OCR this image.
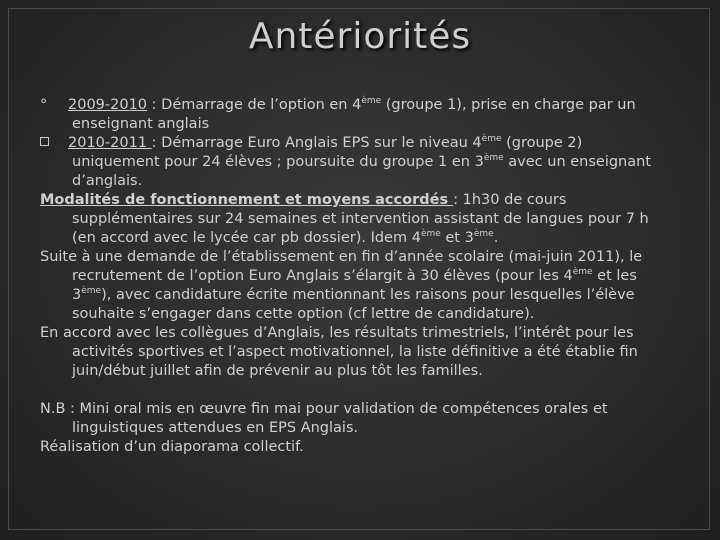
Antériorités

° 2009-2010 : Démarrage de l’option en 4ème (groupe 1), prise en charge par un enseignant anglais

2010-2011 : Démarrage Euro Anglais EPS sur le niveau 4ème (groupe 2) uniquement pour 24 élèves ; poursuite du groupe 1 en 3ème avec un enseignant d’anglais.

Modalités de fonctionnement et moyens accordés : 1h30 de cours supplémentaires sur 24 semaines et intervention assistant de langues pour 7 h (en accord avec le lycée car pb dossier). Idem 4ème et 3ème.

Suite à une demande de l’établissement en fin d’année scolaire (mai-juin 2011), le recrutement de l’option Euro Anglais s’élargit à 30 élèves (pour les 4ème et les 3ème), avec candidature écrite mentionnant les raisons pour lesquelles l’élève souhaite s’engager dans cette option (cf lettre de candidature).

En accord avec les collègues d’Anglais, les résultats trimestriels, l’intérêt pour les activités sportives et l’aspect motivationnel, la liste définitive a été établie fin juin/début juillet afin de prévenir au plus tôt les familles.

N.B : Mini oral mis en œuvre fin mai pour validation de compétences orales et linguistiques attendues en EPS Anglais.

Réalisation d’un diaporama collectif.
